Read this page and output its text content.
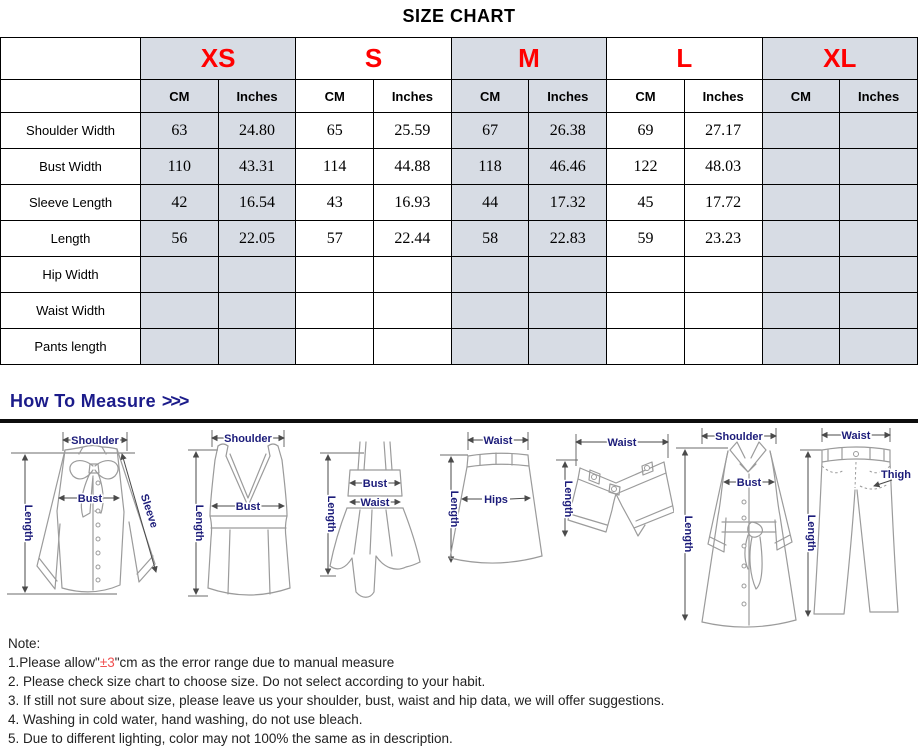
SIZE CHART
	XS		S		M		L		XL	
	CM	Inches	CM	Inches	CM	Inches	CM	Inches	CM	Inches
Shoulder Width	63	24.80	65	25.59	67	26.38	69	27.17		
Bust Width	110	43.31	114	44.88	118	46.46	122	48.03		
Sleeve Length	42	16.54	43	16.93	44	17.32	45	17.72		
Length	56	22.05	57	22.44	58	22.83	59	23.23		
Hip Width										
Waist Width										
Pants length										
How To Measure >>>
Shoulder
Length
Bust	Sleeve
Shoulder
Length	Bust	Length
Bust
Waist
Waist
Length Hips
Waist
Length
Shoulder
Length
Bust
Waist
Length
Thigh
Note:
1.Please allow"±3"cm as the error range due to manual measure
2. Please check size chart to choose size. Do not select according to your habit.
3. If still not sure about size, please leave us your shoulder, bust, waist and hip data, we will offer suggestions.
4. Washing in cold water, hand washing, do not use bleach.
5. Due to different lighting, color may not 100% the same as in description.
